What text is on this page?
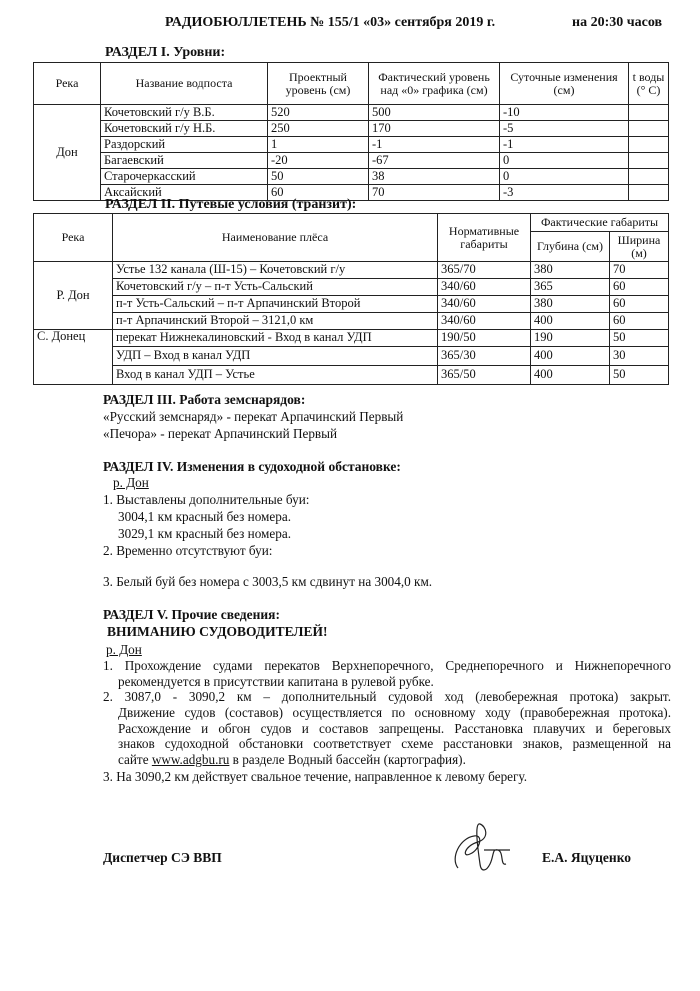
РАДИОБЮЛЛЕТЕНЬ № 155/1 «03» сентября 2019 г.	на 20:30 часов
РАЗДЕЛ I. Уровни:
Река	Название водпоста	Проектный уровень (см)	Фактический уровень над «0» графика (см)	Суточные изменения (см)	t воды (° С)
Дон	Кочетовский г/у В.Б.	520	500	-10	
	Кочетовский г/у Н.Б.	250	170	-5	
	Раздорский	1	-1	-1	
	Багаевский	-20	-67	0	
	Старочеркасский	50	38	0	
	Аксайский	60	70	-3	
РАЗДЕЛ II. Путевые условия (транзит):
Река	Наименование плёса	Нормативные габариты	Фактические габариты	
			Глубина (см)	Ширина (м)
Р. Дон	Устье 132 канала (Ш-15) – Кочетовский г/у	365/70	380	70
	Кочетовский г/у – п-т Усть-Сальский	340/60	365	60
	п-т Усть-Сальский – п-т Арпачинский Второй	340/60	380	60
	п-т Арпачинский Второй – 3121,0 км	340/60	400	60
С. Донец	перекат Нижнекалиновский - Вход в канал УДП	190/50	190	50
	УДП – Вход в канал УДП	365/30	400	30
	Вход в канал УДП – Устье	365/50	400	50
РАЗДЕЛ III. Работа земснарядов:
«Русский земснаряд» - перекат Арпачинский Первый
«Печора» - перекат Арпачинский Первый
РАЗДЕЛ IV. Изменения в судоходной обстановке:
р. Дон
1. Выставлены дополнительные буи:
3004,1 км красный без номера.
3029,1 км красный без номера.
2. Временно отсутствуют буи:
3. Белый буй без номера с 3003,5 км сдвинут на 3004,0 км.
РАЗДЕЛ V. Прочие сведения:
ВНИМАНИЮ СУДОВОДИТЕЛЕЙ!
р. Дон
1. Прохождение судами перекатов Верхнепоречного, Среднепоречного и Нижнепоречного
рекомендуется в присутствии капитана в рулевой рубке.
2. 3087,0 - 3090,2 км – дополнительный судовой ход (левобережная протока) закрыт.
Движение судов (составов) осуществляется по основному ходу (правобережная протока).
Расхождение и обгон судов и составов запрещены. Расстановка плавучих и береговых
знаков судоходной обстановки соответствует схеме расстановки знаков, размещенной на
сайте www.adgbu.ru в разделе Водный бассейн (картография).
3. На 3090,2 км действует свальное течение, направленное к левому берегу.
Диспетчер СЭ ВВП	Е.А. Яцуценко
